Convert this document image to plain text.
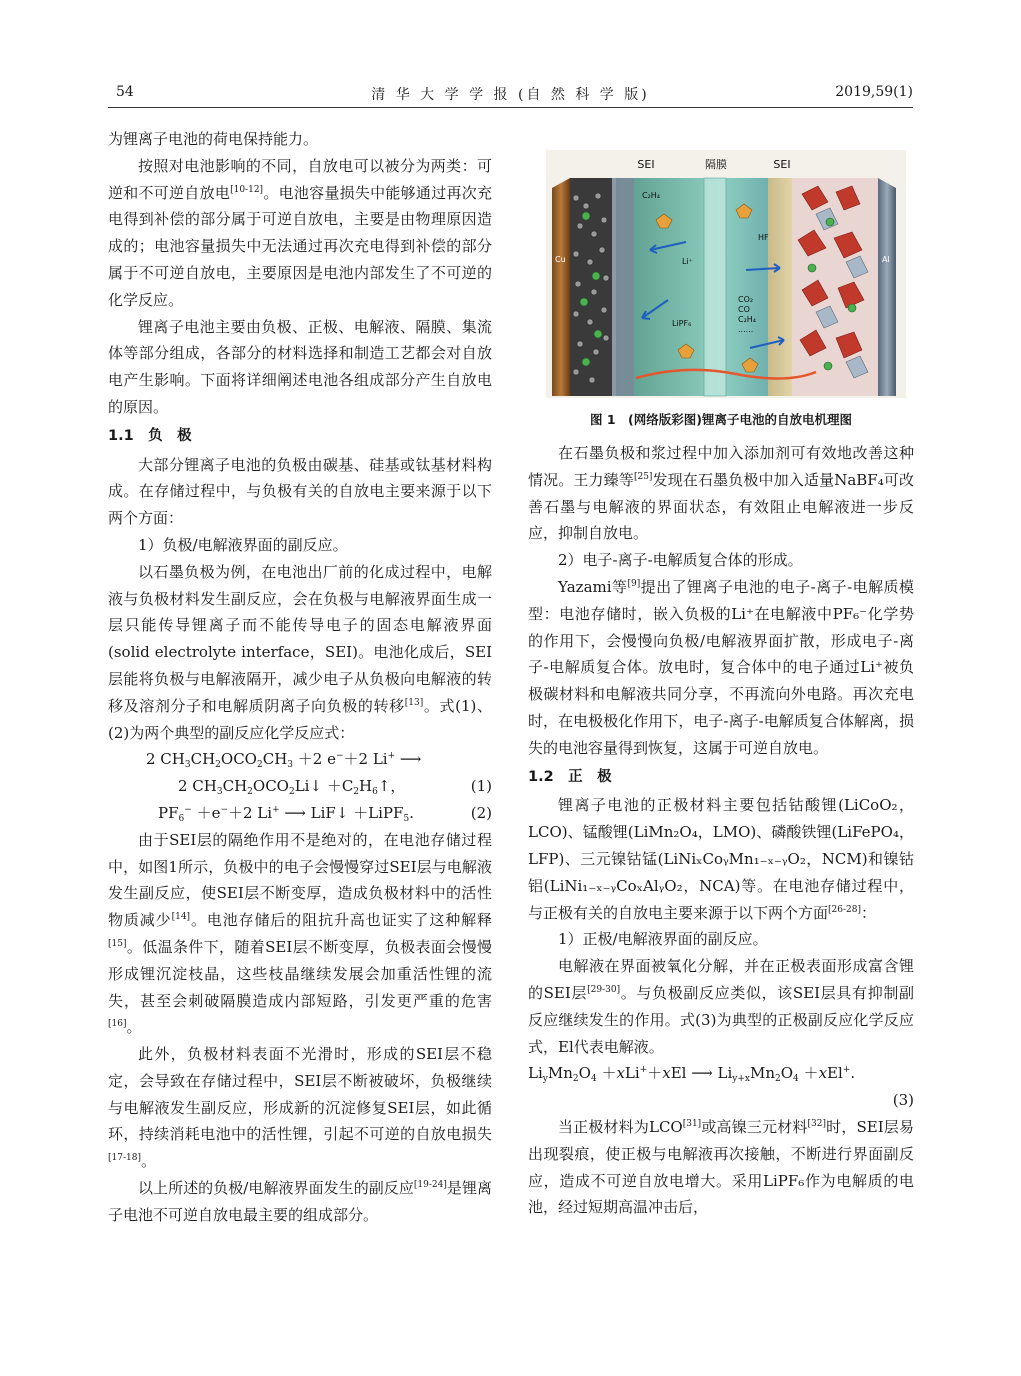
54	清 华 大 学 学 报 (自 然 科 学 版)	2019,59(1)

为锂离子电池的荷电保持能力。

按照对电池影响的不同，自放电可以被分为两类：可逆和不可逆自放电[10-12]。电池容量损失中能够通过再次充电得到补偿的部分属于可逆自放电，主要是由物理原因造成的；电池容量损失中无法通过再次充电得到补偿的部分属于不可逆自放电，主要原因是电池内部发生了不可逆的化学反应。

锂离子电池主要由负极、正极、电解液、隔膜、集流体等部分组成，各部分的材料选择和制造工艺都会对自放电产生影响。下面将详细阐述电池各组成部分产生自放电的原因。

1.1　负　极

大部分锂离子电池的负极由碳基、硅基或钛基材料构成。在存储过程中，与负极有关的自放电主要来源于以下两个方面：

1）负极/电解液界面的副反应。

以石墨负极为例，在电池出厂前的化成过程中，电解液与负极材料发生副反应，会在负极与电解液界面生成一层只能传导锂离子而不能传导电子的固态电解液界面(solid electrolyte interface，SEI)。电池化成后，SEI层能将负极与电解液隔开，减少电子从负极向电解液的转移及溶剂分子和电解质阴离子向负极的转移[13]。式(1)、(2)为两个典型的副反应化学反应式：

2 $CH_3CH_2OCO_2CH_3 +2$ e−＋2 Li+ ⟶

2 $CH_3CH_2OCO_2Li↓$ $+C_2H_6↑$，	(1)

$PF_6^- +e^-+2$ Li+ ⟶ LiF↓ ＋LiPF$_5$.	(2)

由于SEI层的隔绝作用不是绝对的，在电池存储过程中，如图1所示，负极中的电子会慢慢穿过SEI层与电解液发生副反应，使SEI层不断变厚，造成负极材料中的活性物质减少[14]。电池存储后的阻抗升高也证实了这种解释[15]。低温条件下，随着SEI层不断变厚，负极表面会慢慢形成锂沉淀枝晶，这些枝晶继续发展会加重活性锂的流失，甚至会刺破隔膜造成内部短路，引发更严重的危害[16]。

此外，负极材料表面不光滑时，形成的SEI层不稳定，会导致在存储过程中，SEI层不断被破坏，负极继续与电解液发生副反应，形成新的沉淀修复SEI层，如此循环，持续消耗电池中的活性锂，引起不可逆的自放电损失[17-18]。

以上所述的负极/电解液界面发生的副反应[19-24]是锂离子电池不可逆自放电最主要的组成部分。

SEI	隔膜	SEI
Cu	Al
C₂H₄
LiPF₆
HF
Li⁺
CO₂
CO
C₂H₄
......
图 1　(网络版彩图)锂离子电池的自放电机理图

在石墨负极和浆过程中加入添加剂可有效地改善这种情况。王力臻等[25]发现在石墨负极中加入适量NaBF₄可改善石墨与电解液的界面状态，有效阻止电解液进一步反应，抑制自放电。

2）电子-离子-电解质复合体的形成。

Yazami等[9]提出了锂离子电池的电子-离子-电解质模型：电池存储时，嵌入负极的Li⁺在电解液中PF₆⁻化学势的作用下，会慢慢向负极/电解液界面扩散，形成电子-离子-电解质复合体。放电时，复合体中的电子通过Li⁺被负极碳材料和电解液共同分享，不再流向外电路。再次充电时，在电极极化作用下，电子-离子-电解质复合体解离，损失的电池容量得到恢复，这属于可逆自放电。

1.2　正　极

锂离子电池的正极材料主要包括钴酸锂(LiCoO₂，LCO)、锰酸锂(LiMn₂O₄，LMO)、磷酸铁锂(LiFePO₄，LFP)、三元镍钴锰(LiNiₓCoᵧMn₁₋ₓ₋ᵧO₂，NCM)和镍钴铝(LiNi₁₋ₓ₋ᵧCoₓAlᵧO₂，NCA)等。在电池存储过程中，与正极有关的自放电主要来源于以下两个方面[26-28]：

1）正极/电解液界面的副反应。

电解液在界面被氧化分解，并在正极表面形成富含锂的SEI层[29-30]。与负极副反应类似，该SEI层具有抑制副反应继续发生的作用。式(3)为典型的正极副反应化学反应式，El代表电解液。

$Li_yMn_2O_4 +xLi^++xEl$ ⟶ $Li_{y+x}Mn_2O_4 +xEl^+$.

(3)

当正极材料为LCO[31]或高镍三元材料[32]时，SEI层易出现裂痕，使正极与电解液再次接触，不断进行界面副反应，造成不可逆自放电增大。采用LiPF₆作为电解质的电池，经过短期高温冲击后，
